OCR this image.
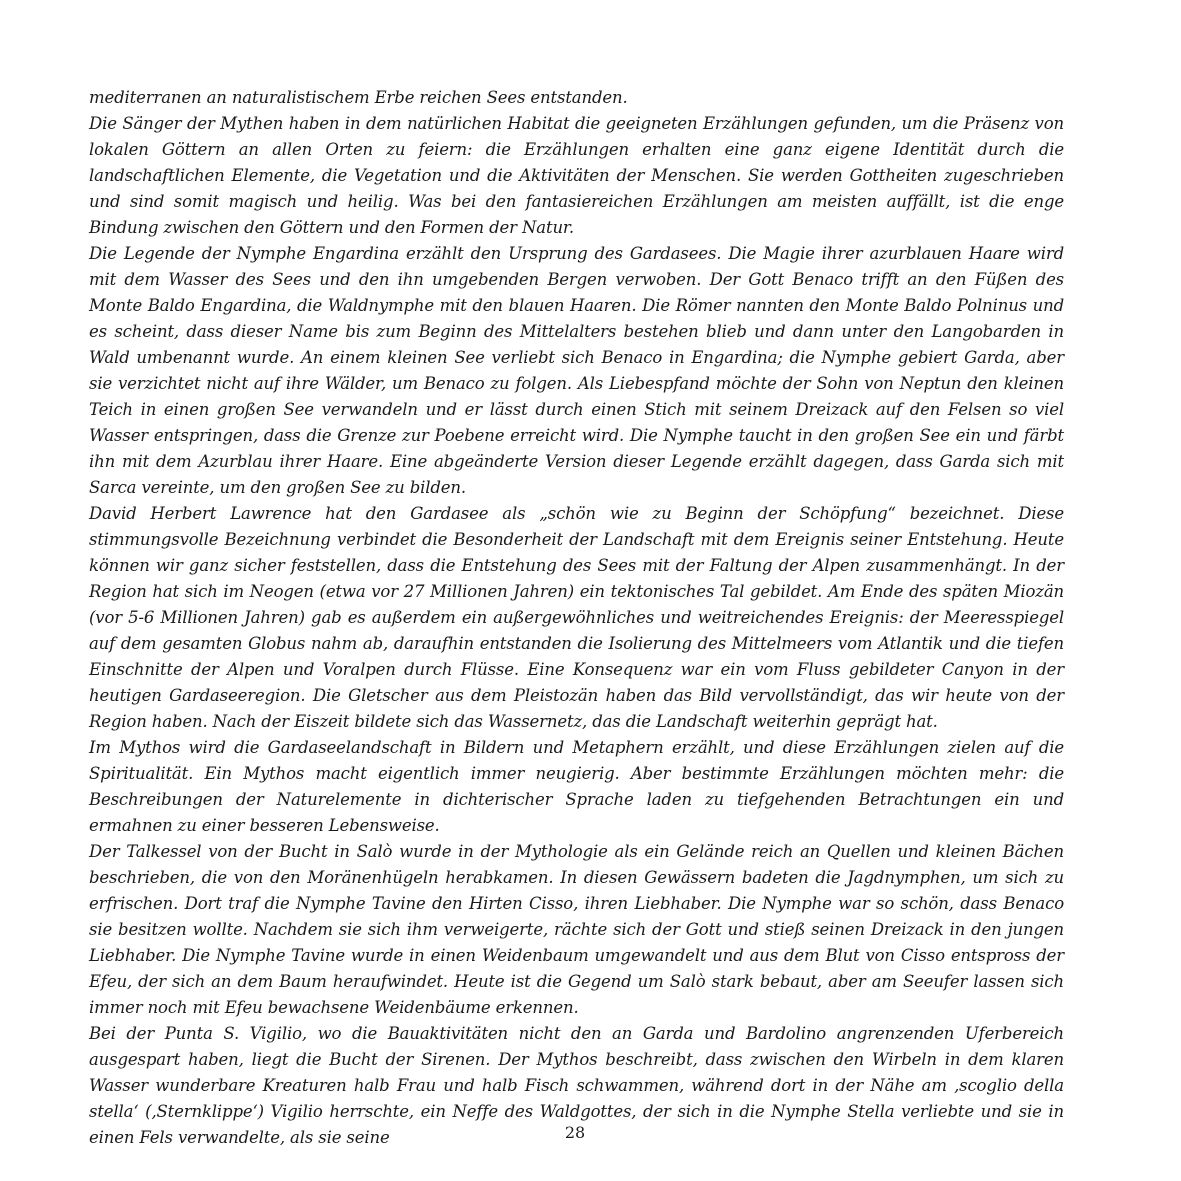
mediterranen an naturalistischem Erbe reichen Sees entstanden.

Die Sänger der Mythen haben in dem natürlichen Habitat die geeigneten Erzählungen gefunden, um die Präsenz von lokalen Göttern an allen Orten zu feiern: die Erzählungen erhalten eine ganz eigene Identität durch die landschaftlichen Elemente, die Vegetation und die Aktivitäten der Menschen. Sie werden Gottheiten zugeschrieben und sind somit magisch und heilig. Was bei den fantasiereichen Erzählungen am meisten auffällt, ist die enge Bindung zwischen den Göttern und den Formen der Natur.

Die Legende der Nymphe Engardina erzählt den Ursprung des Gardasees. Die Magie ihrer azurblauen Haare wird mit dem Wasser des Sees und den ihn umgebenden Bergen verwoben. Der Gott Benaco trifft an den Füßen des Monte Baldo Engardina, die Waldnymphe mit den blauen Haaren. Die Römer nannten den Monte Baldo Polninus und es scheint, dass dieser Name bis zum Beginn des Mittelalters bestehen blieb und dann unter den Langobarden in Wald umbenannt wurde. An einem kleinen See verliebt sich Benaco in Engardina; die Nymphe gebiert Garda, aber sie verzichtet nicht auf ihre Wälder, um Benaco zu folgen. Als Liebespfand möchte der Sohn von Neptun den kleinen Teich in einen großen See verwandeln und er lässt durch einen Stich mit seinem Dreizack auf den Felsen so viel Wasser entspringen, dass die Grenze zur Poebene erreicht wird. Die Nymphe taucht in den großen See ein und färbt ihn mit dem Azurblau ihrer Haare. Eine abgeänderte Version dieser Legende erzählt dagegen, dass Garda sich mit Sarca vereinte, um den großen See zu bilden.

David Herbert Lawrence hat den Gardasee als „schön wie zu Beginn der Schöpfung“ bezeichnet. Diese stimmungsvolle Bezeichnung verbindet die Besonderheit der Landschaft mit dem Ereignis seiner Entstehung. Heute können wir ganz sicher feststellen, dass die Entstehung des Sees mit der Faltung der Alpen zusammenhängt. In der Region hat sich im Neogen (etwa vor 27 Millionen Jahren) ein tektonisches Tal gebildet. Am Ende des späten Miozän (vor 5-6 Millionen Jahren) gab es außerdem ein außergewöhnliches und weitreichendes Ereignis: der Meeresspiegel auf dem gesamten Globus nahm ab, daraufhin entstanden die Isolierung des Mittelmeers vom Atlantik und die tiefen Einschnitte der Alpen und Voralpen durch Flüsse. Eine Konsequenz war ein vom Fluss gebildeter Canyon in der heutigen Gardaseeregion. Die Gletscher aus dem Pleistozän haben das Bild vervollständigt, das wir heute von der Region haben. Nach der Eiszeit bildete sich das Wassernetz, das die Landschaft weiterhin geprägt hat.

Im Mythos wird die Gardaseelandschaft in Bildern und Metaphern erzählt, und diese Erzählungen zielen auf die Spiritualität. Ein Mythos macht eigentlich immer neugierig. Aber bestimmte Erzählungen möchten mehr: die Beschreibungen der Naturelemente in dichterischer Sprache laden zu tiefgehenden Betrachtungen ein und ermahnen zu einer besseren Lebensweise.

Der Talkessel von der Bucht in Salò wurde in der Mythologie als ein Gelände reich an Quellen und kleinen Bächen beschrieben, die von den Moränenhügeln herabkamen. In diesen Gewässern badeten die Jagdnymphen, um sich zu erfrischen. Dort traf die Nymphe Tavine den Hirten Cisso, ihren Liebhaber. Die Nymphe war so schön, dass Benaco sie besitzen wollte. Nachdem sie sich ihm verweigerte, rächte sich der Gott und stieß seinen Dreizack in den jungen Liebhaber. Die Nymphe Tavine wurde in einen Weidenbaum umgewandelt und aus dem Blut von Cisso entspross der Efeu, der sich an dem Baum heraufwindet. Heute ist die Gegend um Salò stark bebaut, aber am Seeufer lassen sich immer noch mit Efeu bewachsene Weidenbäume erkennen.

Bei der Punta S. Vigilio, wo die Bauaktivitäten nicht den an Garda und Bardolino angrenzenden Uferbereich ausgespart haben, liegt die Bucht der Sirenen. Der Mythos beschreibt, dass zwischen den Wirbeln in dem klaren Wasser wunderbare Kreaturen halb Frau und halb Fisch schwammen, während dort in der Nähe am ‚scoglio della stella‘ (‚Sternklippe‘) Vigilio herrschte, ein Neffe des Waldgottes, der sich in die Nymphe Stella verliebte und sie in einen Fels verwandelte, als sie seine	28
